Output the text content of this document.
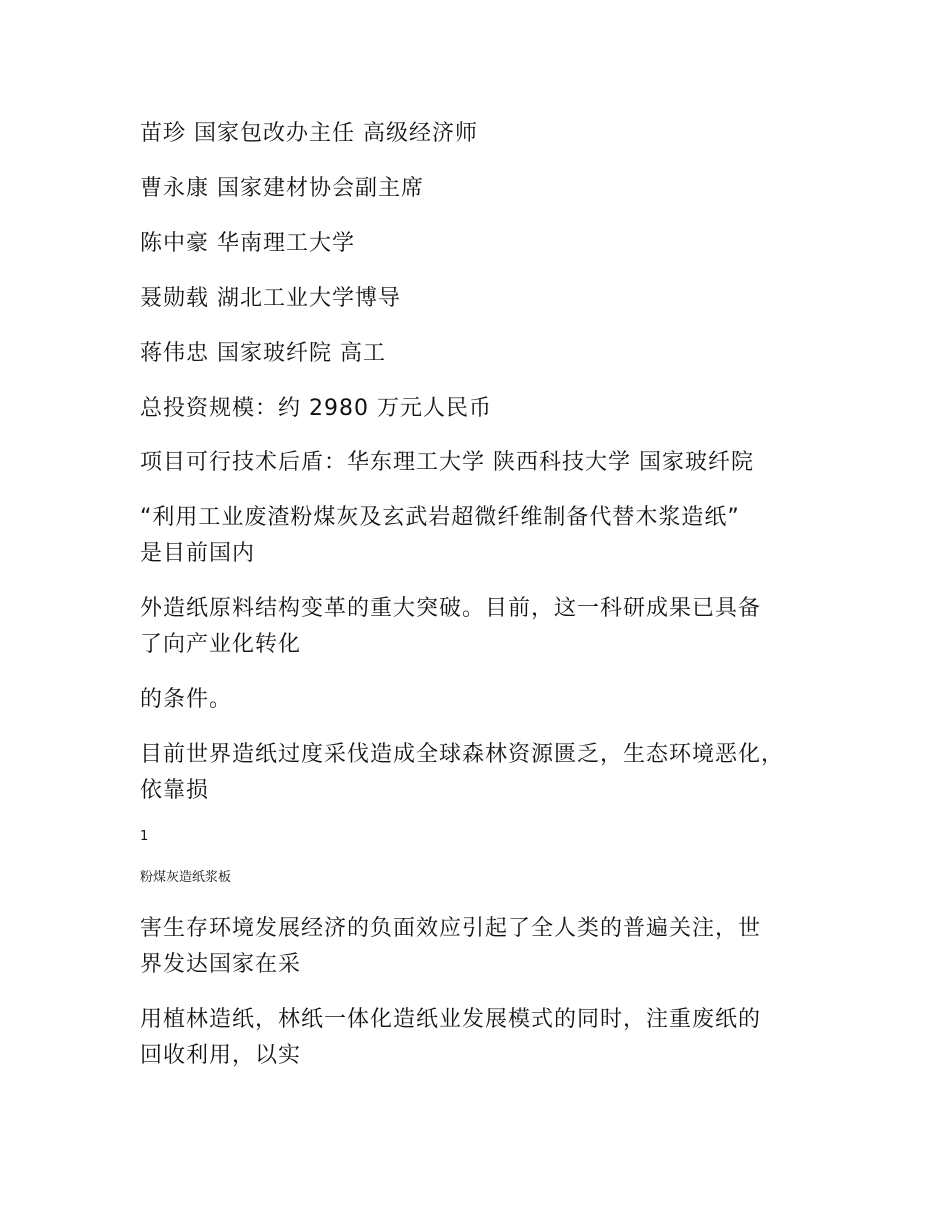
苗珍 国家包改办主任 高级经济师
曹永康 国家建材协会副主席
陈中豪 华南理工大学
聂勋载 湖北工业大学博导
蒋伟忠 国家玻纤院 高工
总投资规模：约 2980 万元人民币
项目可行技术后盾：华东理工大学 陕西科技大学 国家玻纤院
“利用工业废渣粉煤灰及玄武岩超微纤维制备代替木浆造纸”
是目前国内
外造纸原料结构变革的重大突破。目前，这一科研成果已具备
了向产业化转化
的条件。
目前世界造纸过度采伐造成全球森林资源匮乏，生态环境恶化，
依靠损
1
粉煤灰造纸浆板
害生存环境发展经济的负面效应引起了全人类的普遍关注，世
界发达国家在采
用植林造纸，林纸一体化造纸业发展模式的同时，注重废纸的
回收利用，以实
